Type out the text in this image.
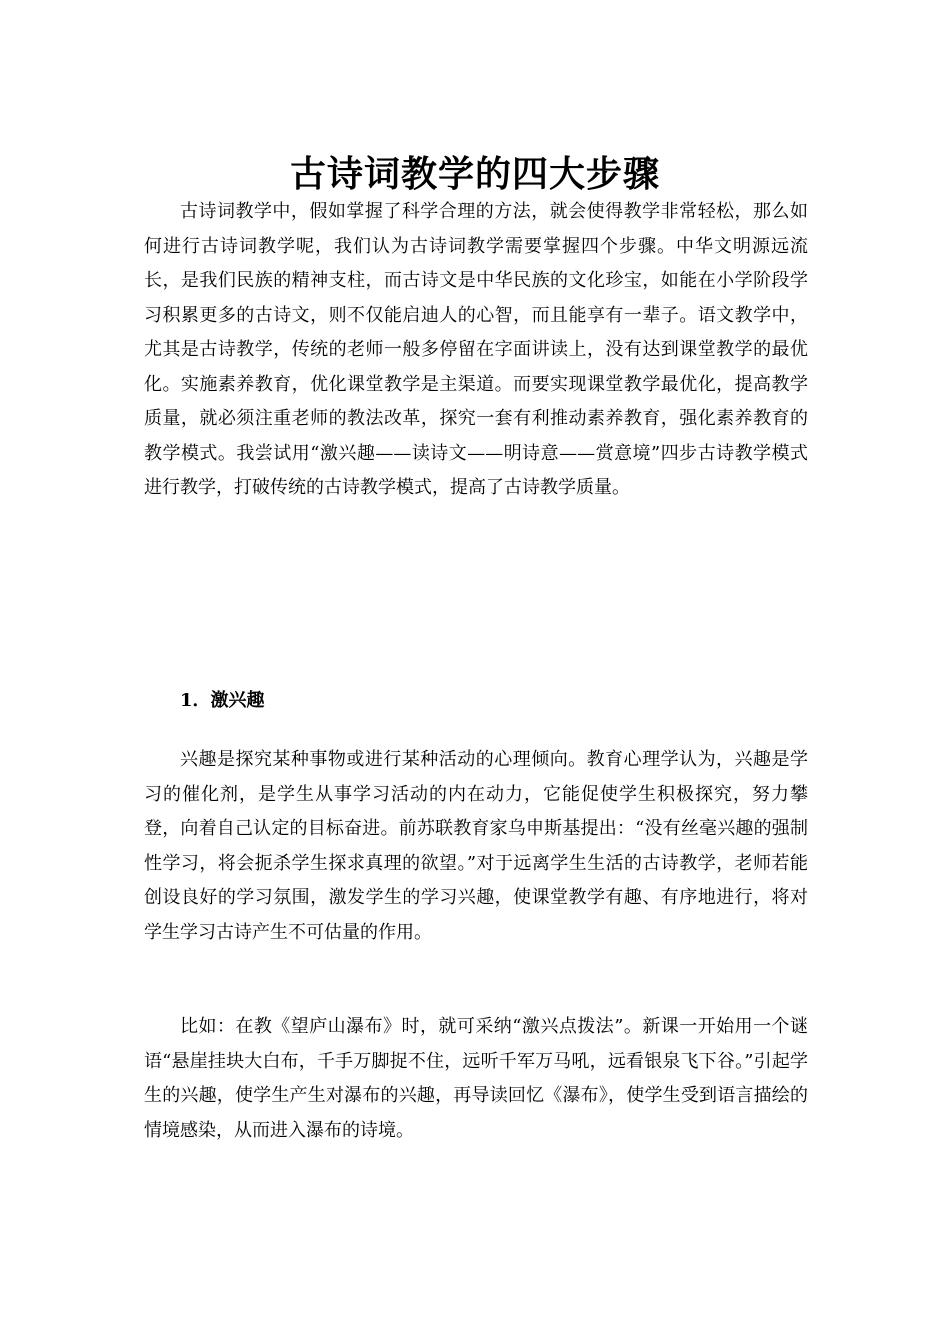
古诗词教学的四大步骤

古诗词教学中，假如掌握了科学合理的方法，就会使得教学非常轻松，那么如何进行古诗词教学呢，我们认为古诗词教学需要掌握四个步骤。中华文明源远流长，是我们民族的精神支柱，而古诗文是中华民族的文化珍宝，如能在小学阶段学习积累更多的古诗文，则不仅能启迪人的心智，而且能享有一辈子。语文教学中，尤其是古诗教学，传统的老师一般多停留在字面讲读上，没有达到课堂教学的最优化。实施素养教育，优化课堂教学是主渠道。而要实现课堂教学最优化，提高教学质量，就必须注重老师的教法改革，探究一套有利推动素养教育，强化素养教育的教学模式。我尝试用“激兴趣——读诗文——明诗意——赏意境”四步古诗教学模式进行教学，打破传统的古诗教学模式，提高了古诗教学质量。

1．激兴趣

兴趣是探究某种事物或进行某种活动的心理倾向。教育心理学认为，兴趣是学习的催化剂，是学生从事学习活动的内在动力，它能促使学生积极探究，努力攀登，向着自己认定的目标奋进。前苏联教育家乌申斯基提出：“没有丝毫兴趣的强制性学习，将会扼杀学生探求真理的欲望。”对于远离学生生活的古诗教学，老师若能创设良好的学习氛围，激发学生的学习兴趣，使课堂教学有趣、有序地进行，将对学生学习古诗产生不可估量的作用。

比如：在教《望庐山瀑布》时，就可采纳“激兴点拨法”。新课一开始用一个谜语“悬崖挂块大白布，千手万脚捉不住，远听千军万马吼，远看银泉飞下谷。”引起学生的兴趣，使学生产生对瀑布的兴趣，再导读回忆《瀑布》，使学生受到语言描绘的情境感染，从而进入瀑布的诗境。
